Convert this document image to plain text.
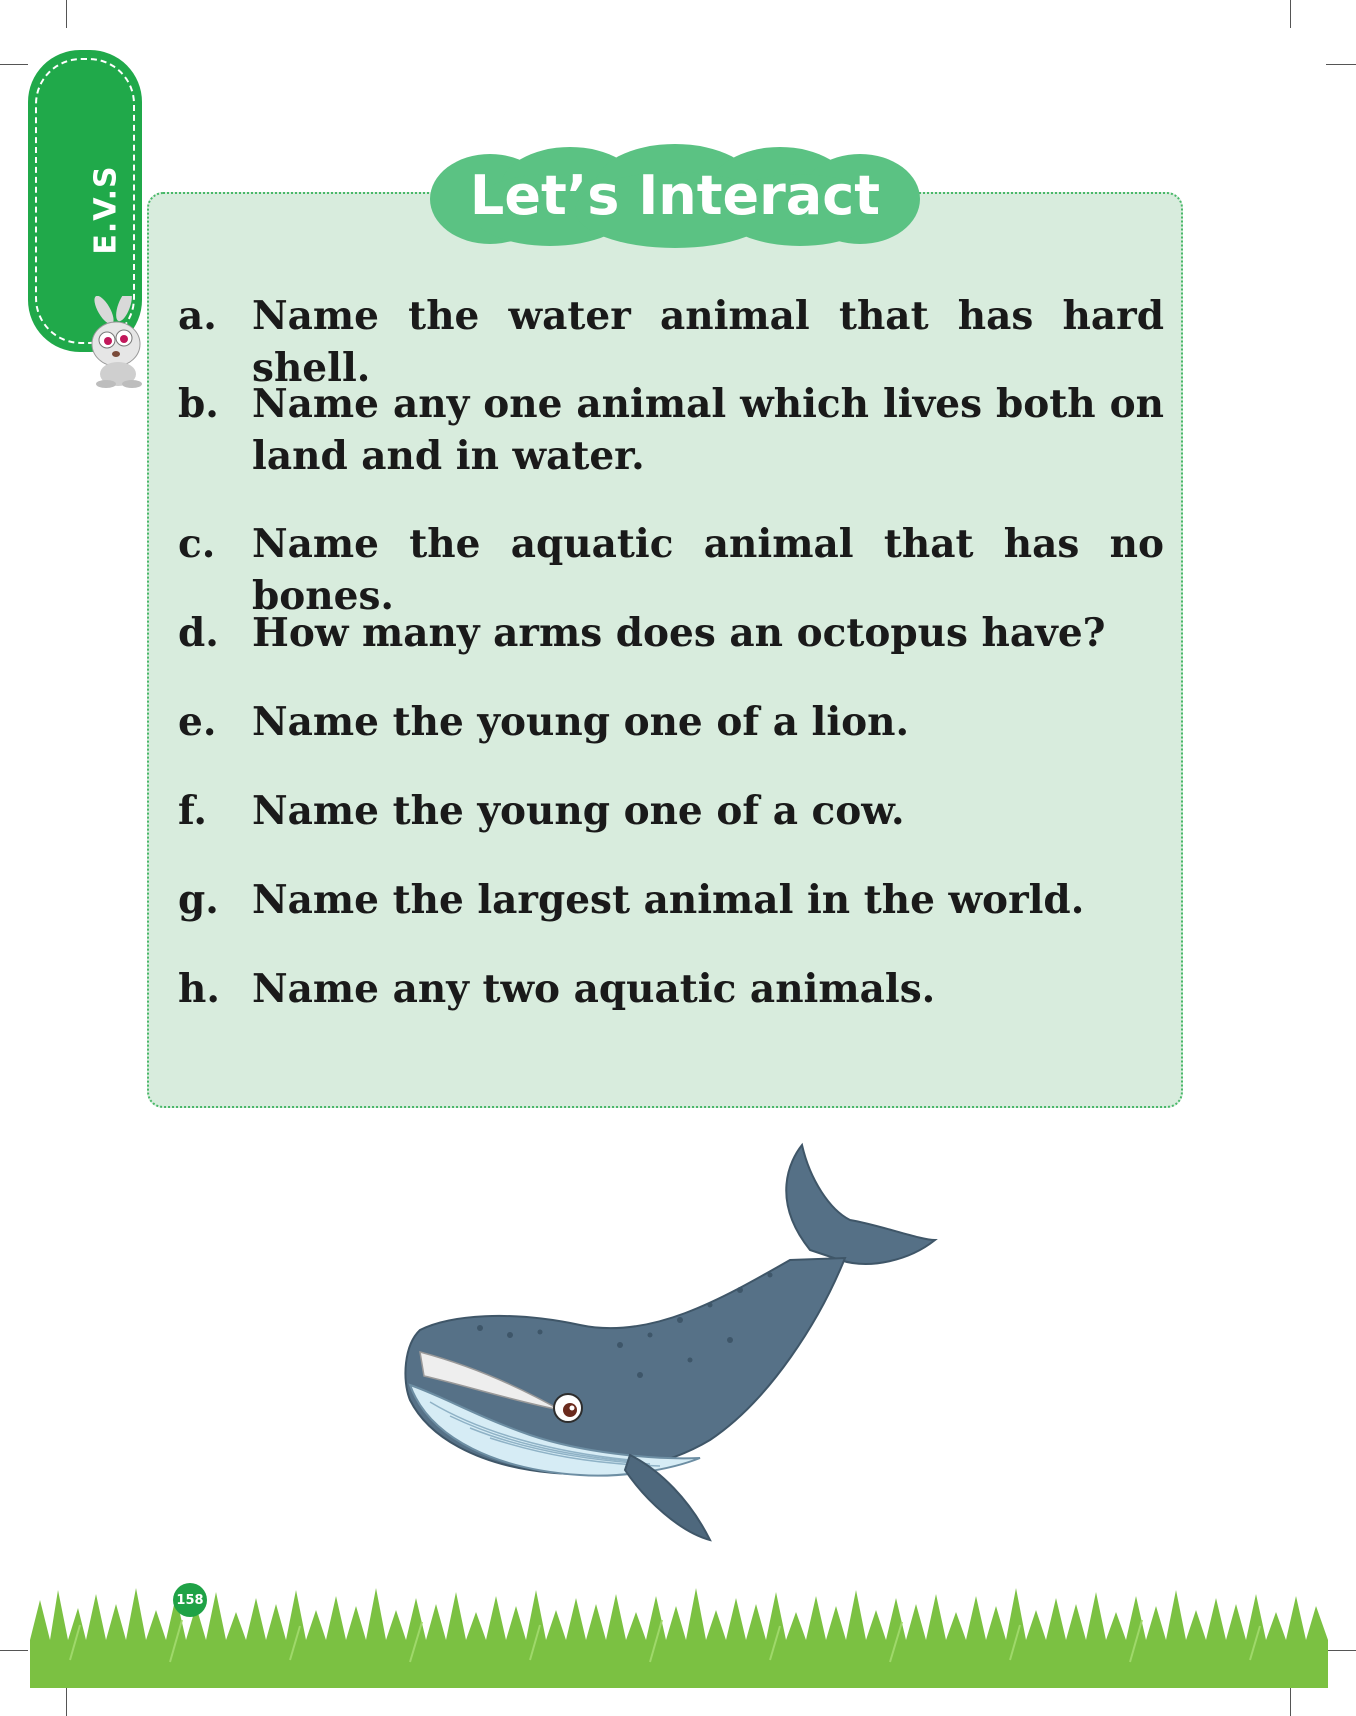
E.V.S	Let’s Interact
a. Name the water animal that has hard shell.
b. Name any one animal which lives both on land and in water.
c. Name the aquatic animal that has no bones.
d. How many arms does an octopus have?
e. Name the young one of a lion.
f.	Name the young one of a cow.
g. Name the largest animal in the world.
h. Name any two aquatic animals.
158
